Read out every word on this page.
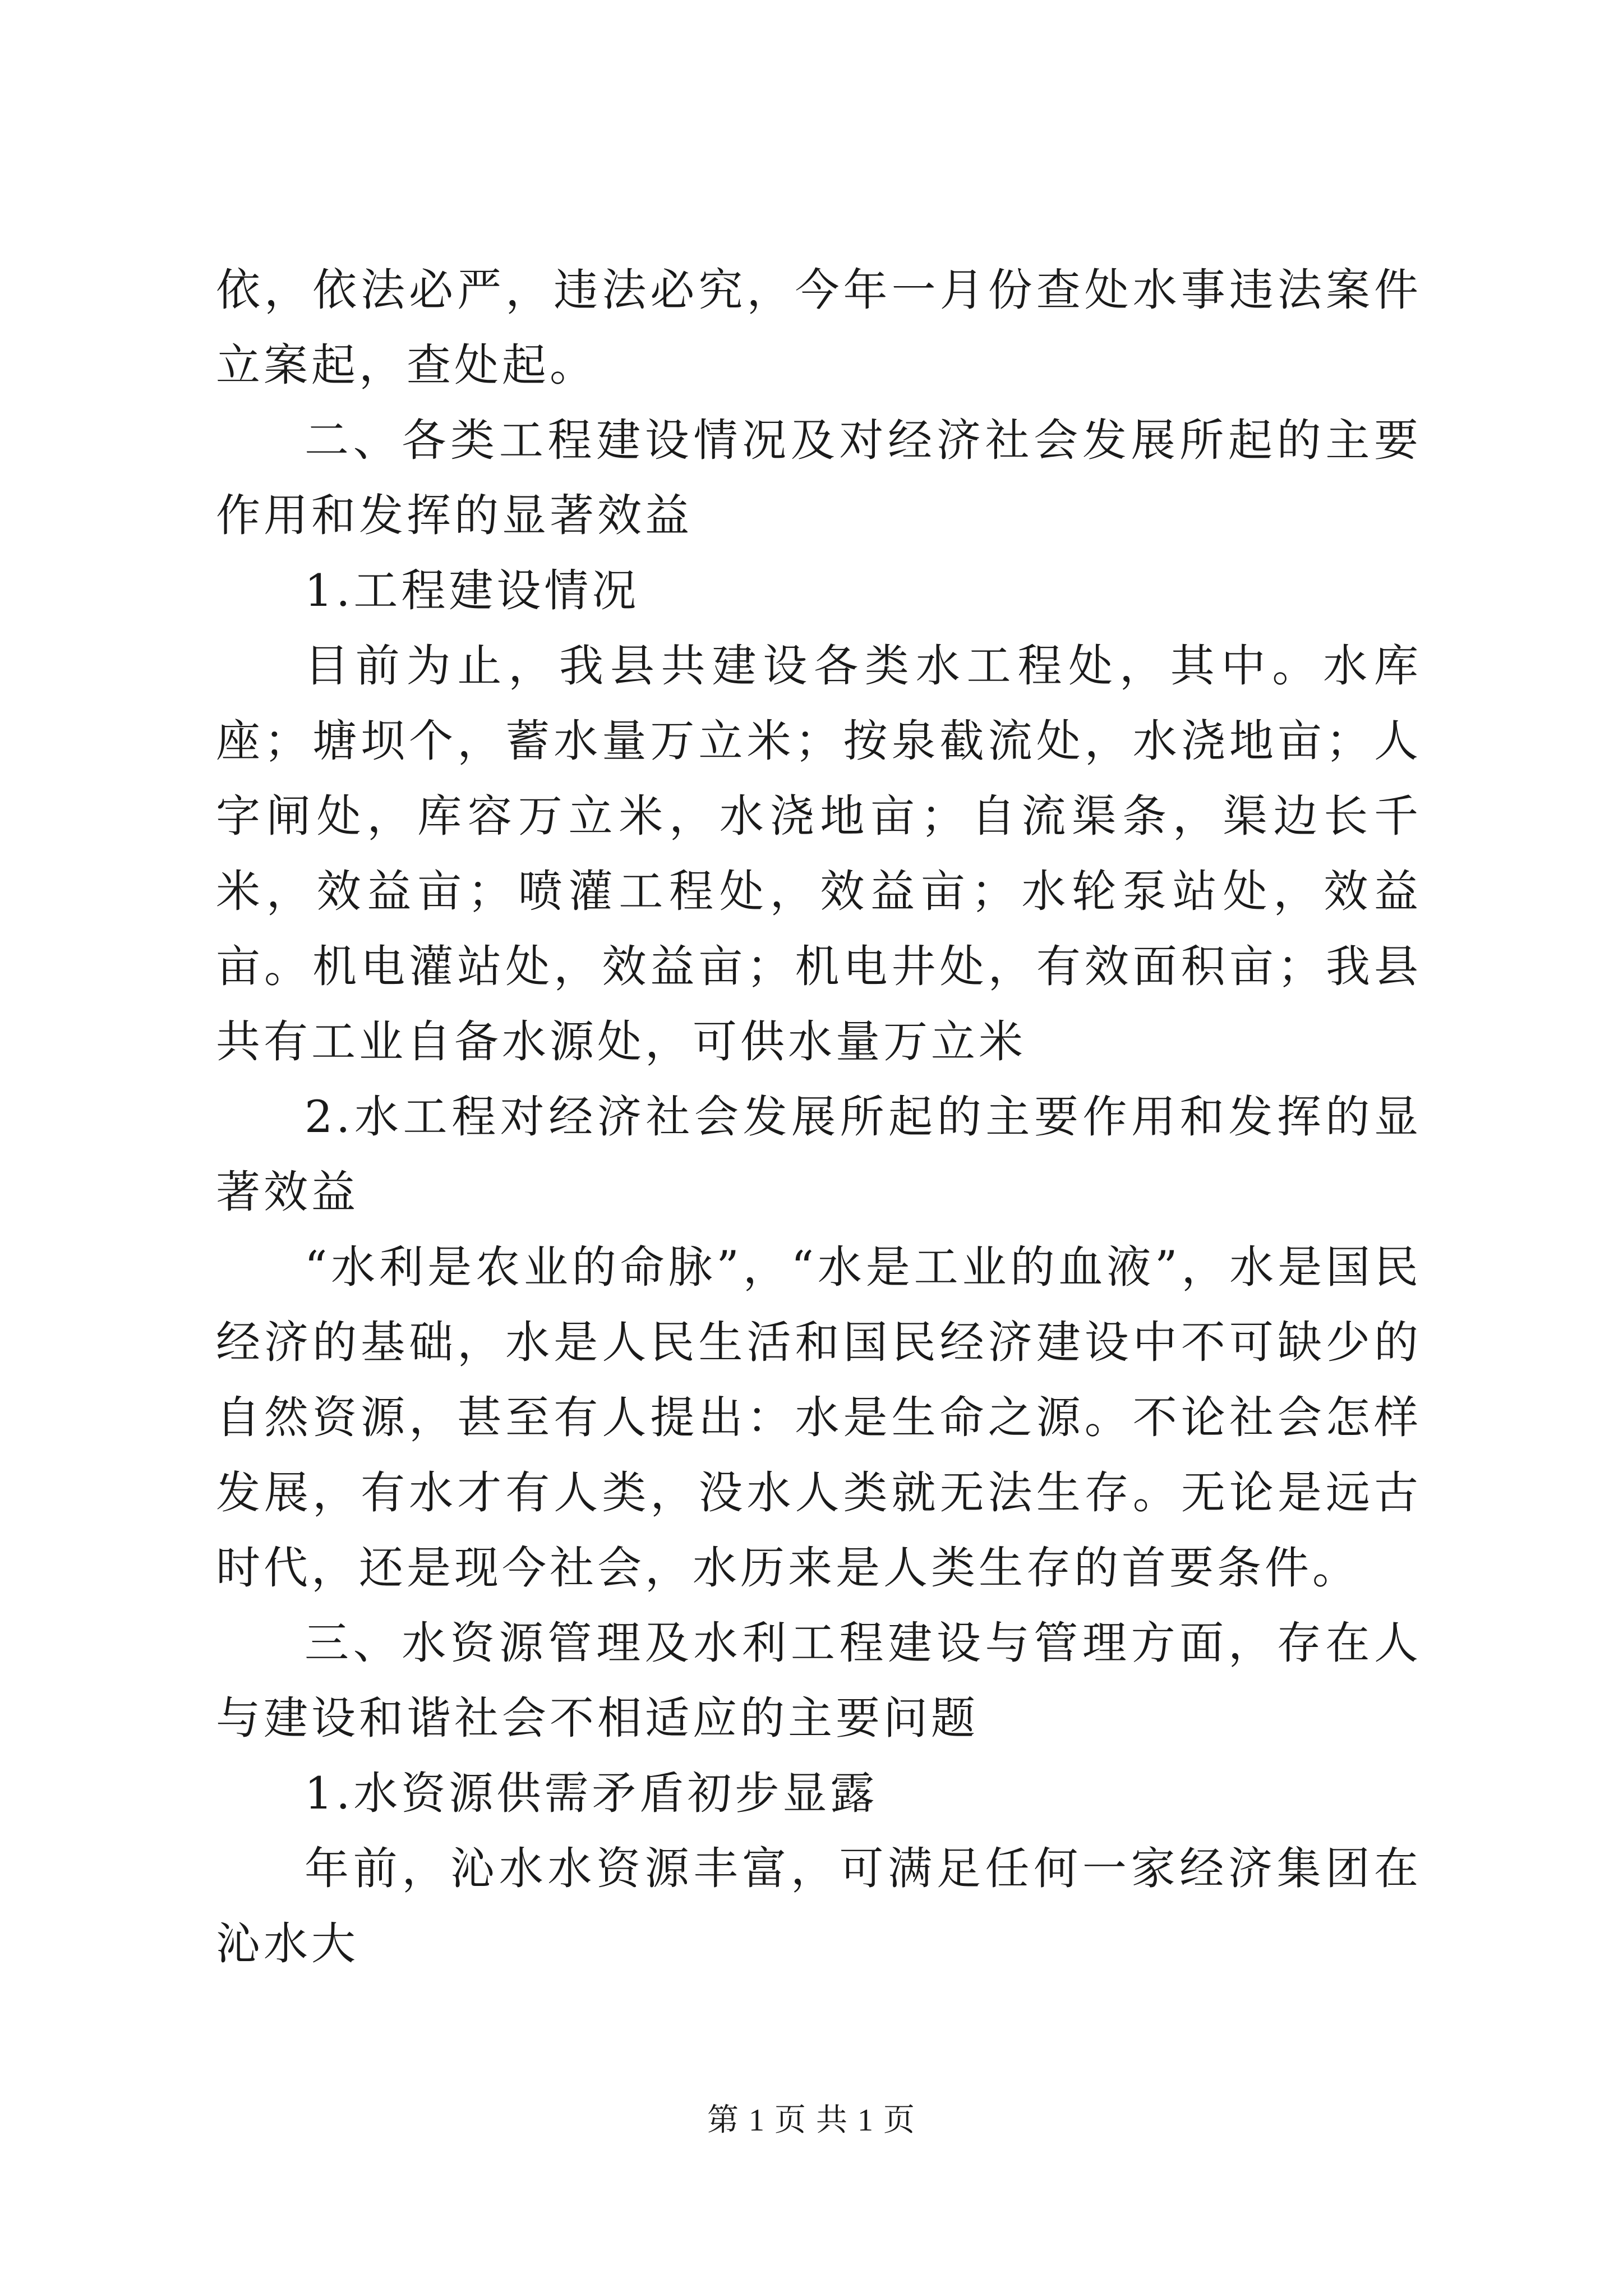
依，依法必严，违法必究，今年一月份查处水事违法案件立案起，查处起。

二、各类工程建设情况及对经济社会发展所起的主要作用和发挥的显著效益

1.工程建设情况

目前为止，我县共建设各类水工程处，其中。水库座；塘坝个，蓄水量万立米；按泉截流处，水浇地亩；人字闸处，库容万立米，水浇地亩；自流渠条，渠边长千米，效益亩；喷灌工程处，效益亩；水轮泵站处，效益亩。机电灌站处，效益亩；机电井处，有效面积亩；我县共有工业自备水源处，可供水量万立米

2.水工程对经济社会发展所起的主要作用和发挥的显著效益

“水利是农业的命脉”，“水是工业的血液”，水是国民经济的基础，水是人民生活和国民经济建设中不可缺少的自然资源，甚至有人提出：水是生命之源。不论社会怎样发展，有水才有人类，没水人类就无法生存。无论是远古时代，还是现今社会，水历来是人类生存的首要条件。

三、水资源管理及水利工程建设与管理方面，存在人与建设和谐社会不相适应的主要问题

1.水资源供需矛盾初步显露

年前，沁水水资源丰富，可满足任何一家经济集团在沁水大

第 1 页 共 1 页
